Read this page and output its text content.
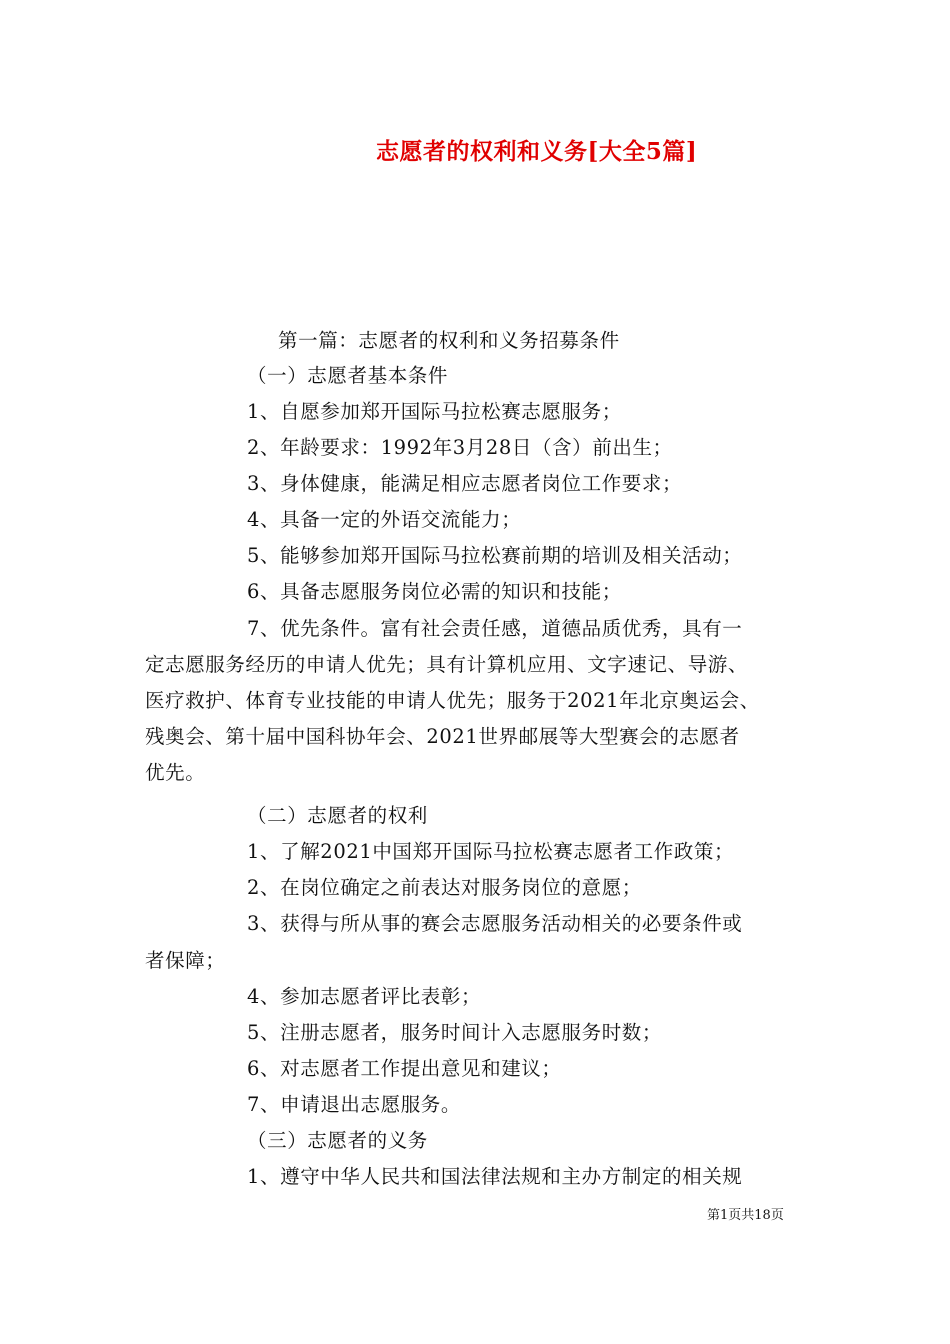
志愿者的权利和义务[大全5篇]
第一篇：志愿者的权利和义务招募条件
（一）志愿者基本条件
1、自愿参加郑开国际马拉松赛志愿服务；
2、年龄要求：1992年3月28日（含）前出生；
3、身体健康，能满足相应志愿者岗位工作要求；
4、具备一定的外语交流能力；
5、能够参加郑开国际马拉松赛前期的培训及相关活动；
6、具备志愿服务岗位必需的知识和技能；
7、优先条件。富有社会责任感，道德品质优秀，具有一
定志愿服务经历的申请人优先；具有计算机应用、文字速记、导游、
医疗救护、体育专业技能的申请人优先；服务于2021年北京奥运会、
残奥会、第十届中国科协年会、2021世界邮展等大型赛会的志愿者
优先。
（二）志愿者的权利
1、了解2021中国郑开国际马拉松赛志愿者工作政策；
2、在岗位确定之前表达对服务岗位的意愿；
3、获得与所从事的赛会志愿服务活动相关的必要条件或
者保障；
4、参加志愿者评比表彰；
5、注册志愿者，服务时间计入志愿服务时数；
6、对志愿者工作提出意见和建议；
7、申请退出志愿服务。
（三）志愿者的义务
1、遵守中华人民共和国法律法规和主办方制定的相关规
第1页共18页
